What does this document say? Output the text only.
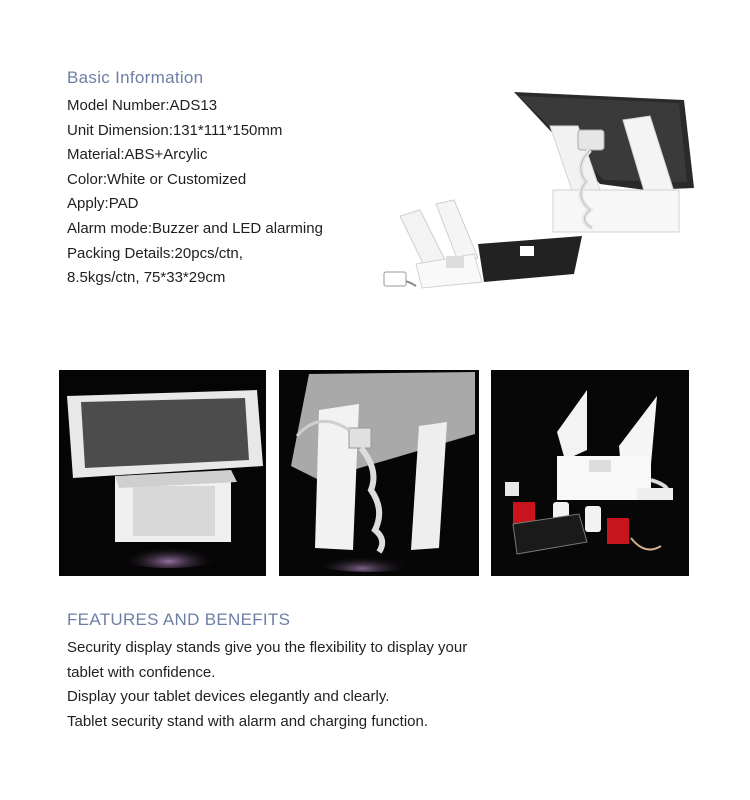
Basic Information
Model Number:ADS13
Unit Dimension:131*111*150mm
Material:ABS+Arcylic
Color:White or Customized
Apply:PAD
Alarm mode:Buzzer and LED alarming
Packing Details:20pcs/ctn,
8.5kgs/ctn, 75*33*29cm
FEATURES AND BENEFITS
Security display stands give you the flexibility to display your
tablet with confidence.
Display your tablet devices elegantly and clearly.
Tablet security stand with alarm and charging function.
